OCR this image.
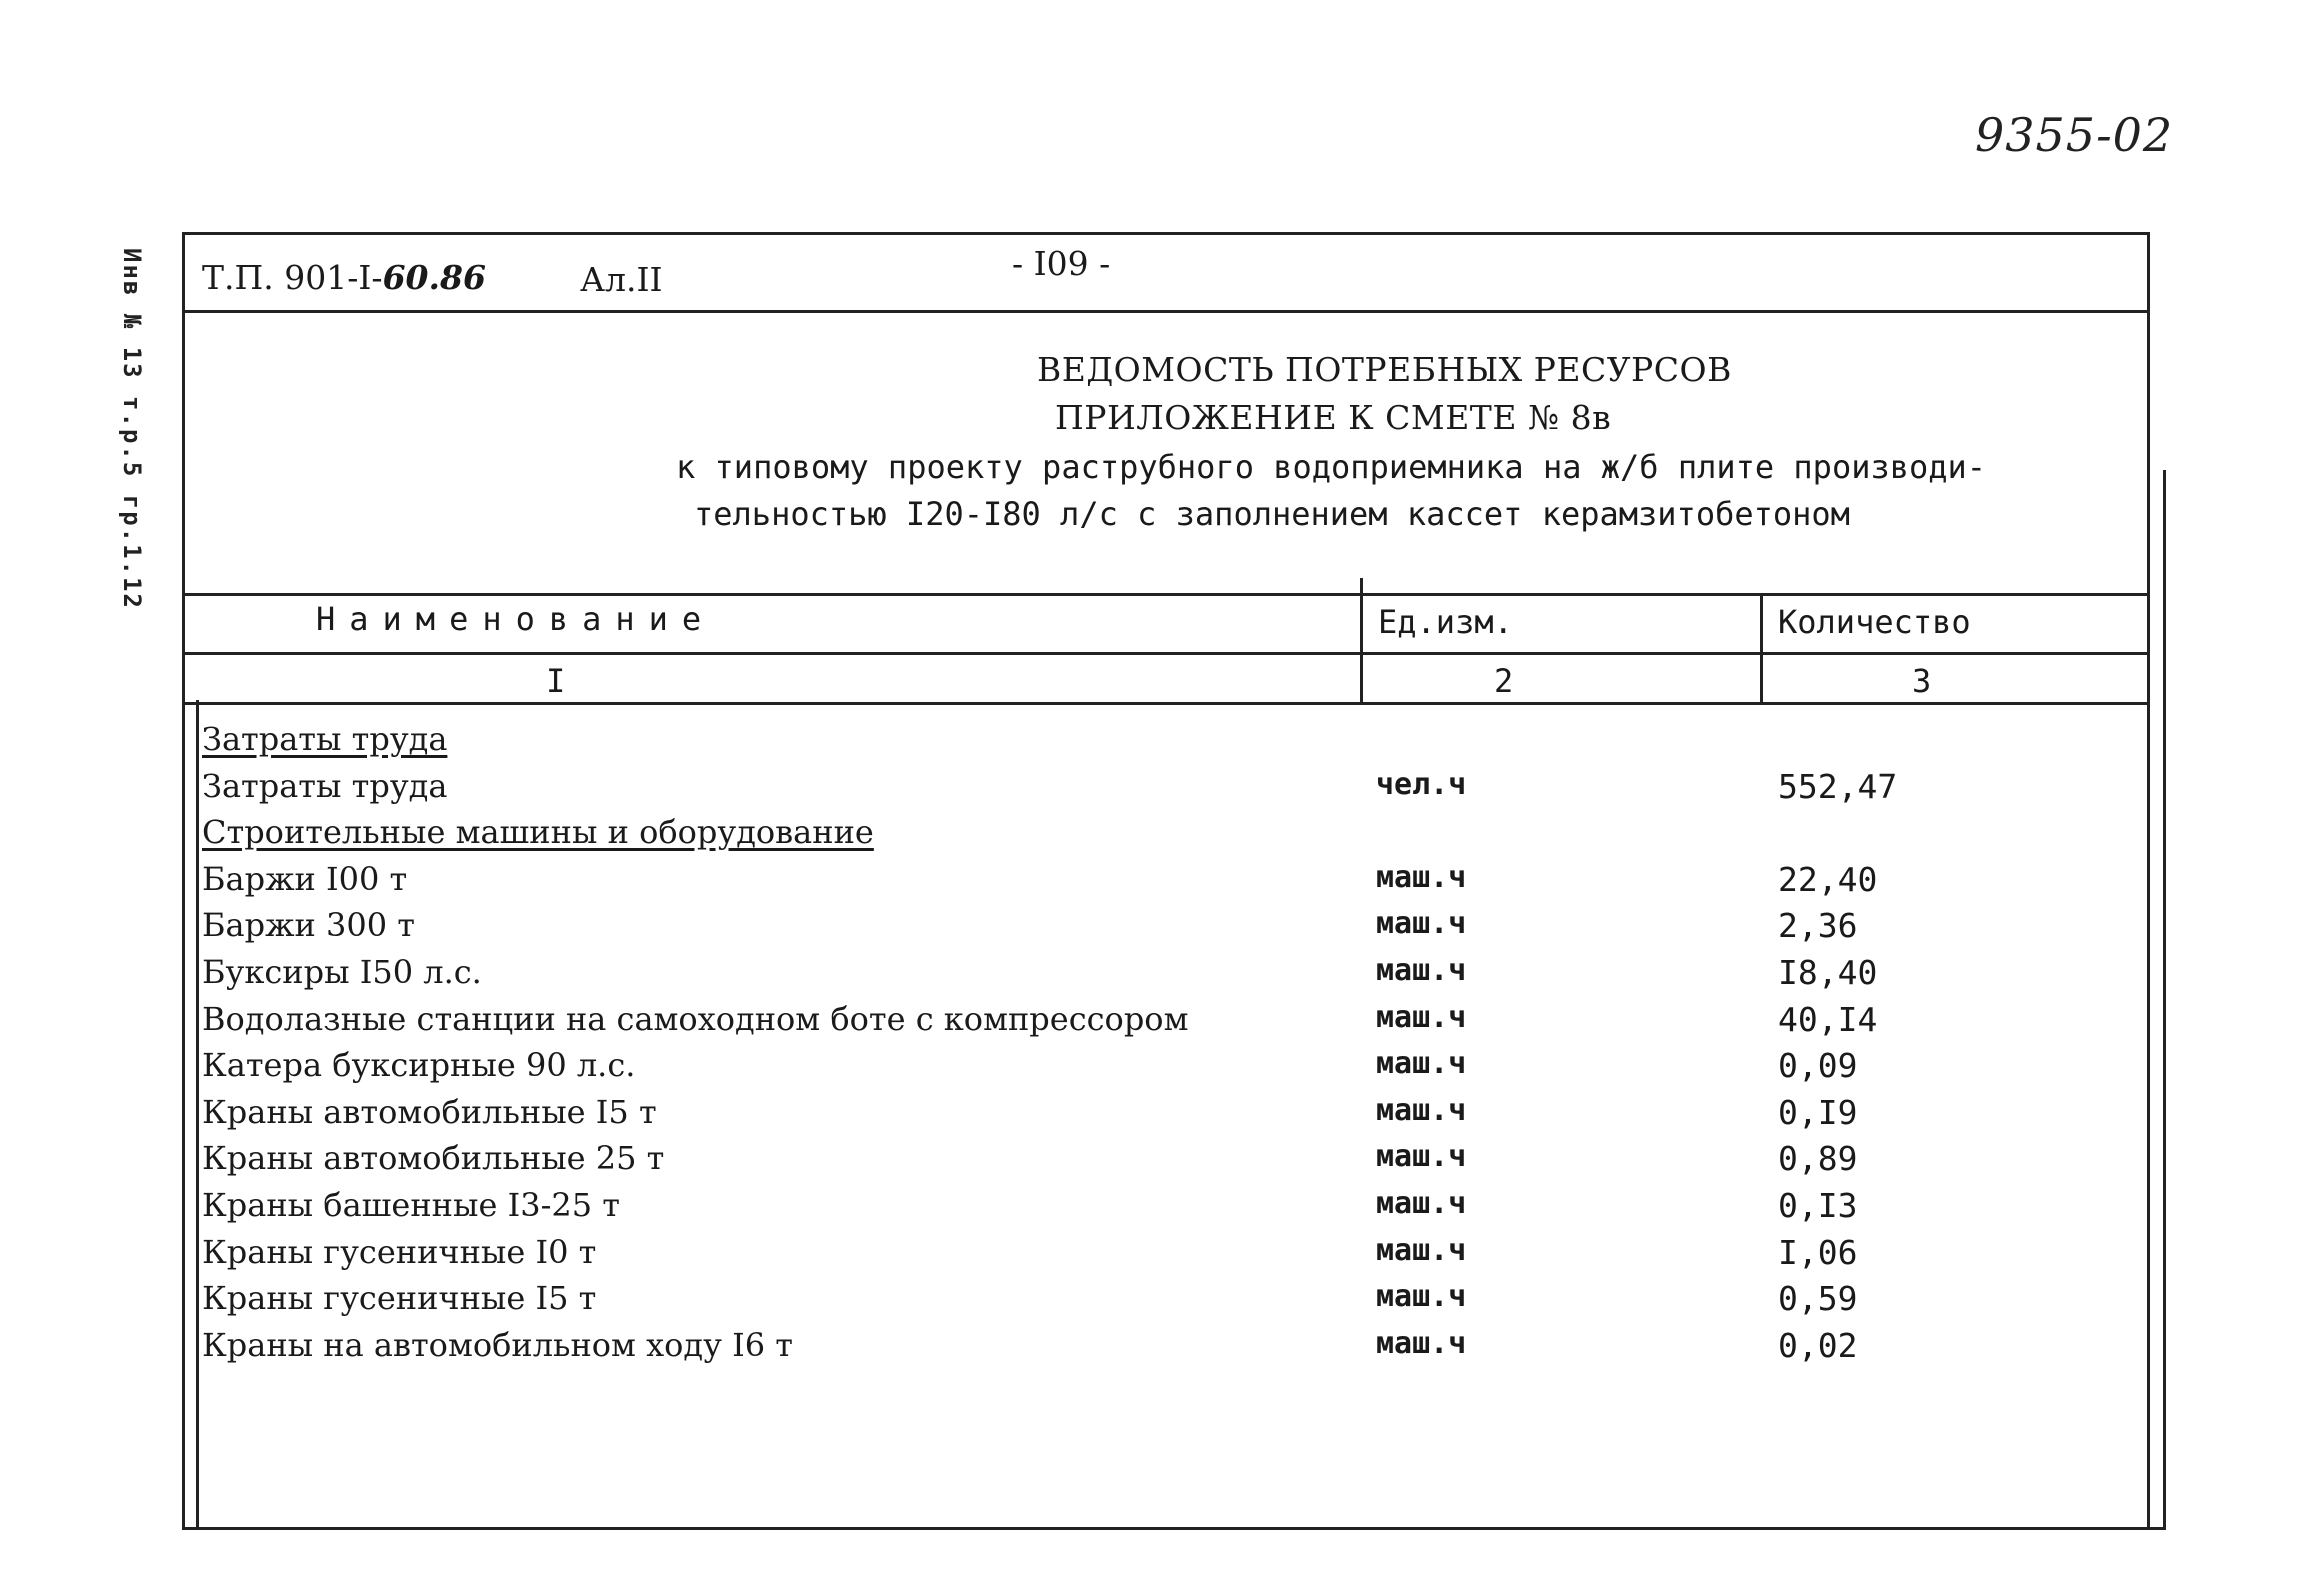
9355-02
Инв № 13 т.р.5 гр.1.12 Т.П. 901-I-60.86	Ал.II	- I09 -
ВЕДОМОСТЬ ПОТРЕБНЫХ РЕСУРСОВ
ПРИЛОЖЕНИЕ К СМЕТЕ № 8в
к типовому проекту раструбного водоприемника на ж/б плите производи-
тельностью I20-I80 л/с с заполнением кассет керамзитобетоном
Наименование	Ед.изм.	Количество
I	2	3
Затраты труда
Затраты труда	чел.ч	552,47
Строительные машины и оборудование
Баржи I00 т	маш.ч	22,40
Баржи 300 т	маш.ч	2,36
Буксиры I50 л.с.	маш.ч	I8,40
Водолазные станции на самоходном боте с компрессором	маш.ч	40,I4
Катера буксирные 90 л.с.	маш.ч	0,09
Краны автомобильные I5 т	маш.ч	0,I9
Краны автомобильные 25 т	маш.ч	0,89
Краны башенные I3-25 т	маш.ч	0,I3
Краны гусеничные I0 т	маш.ч	I,06
Краны гусеничные I5 т	маш.ч	0,59
Краны на автомобильном ходу I6 т	маш.ч	0,02
